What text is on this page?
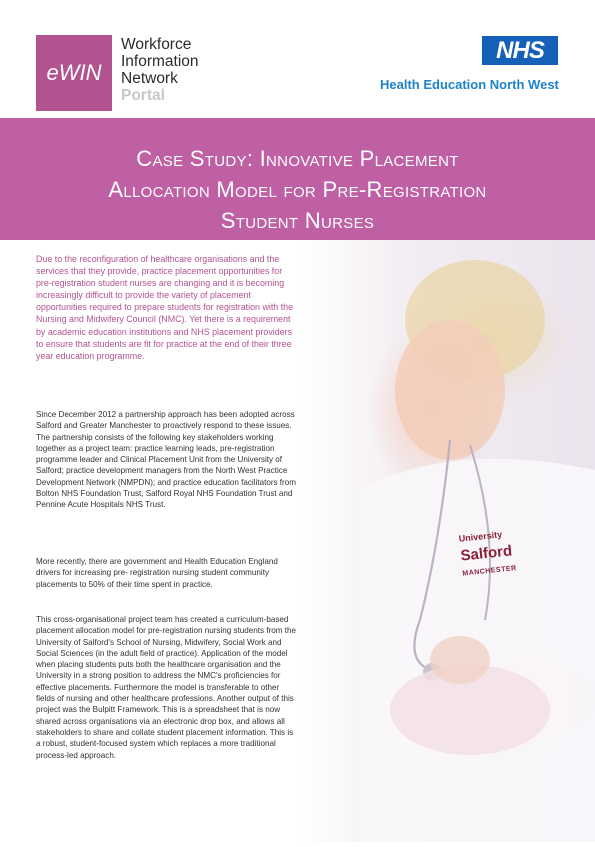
eWIN
Workforce
Information
Network
Portal
NHS
Health Education North West
Case Study: Innovative Placement
Allocation Model for Pre-Registration
Student Nurses
University
Salford
MANCHESTER

Due to the reconfiguration of healthcare organisations and the services that they provide, practice placement opportunities for pre-registration student nurses are changing and it is becoming increasingly difficult to provide the variety of placement opportunities required to prepare students for registration with the Nursing and Midwifery Council (NMC). Yet there is a requirement by academic education institutions and NHS placement providers to ensure that students are fit for practice at the end of their three year education programme.

Since December 2012 a partnership approach has been adopted across Salford and Greater Manchester to proactively respond to these issues. The partnership consists of the following key stakeholders working together as a project team: practice learning leads, pre-registration programme leader and Clinical Placement Unit from the University of Salford; practice development managers from the North West Practice Development Network (NMPDN); and practice education facilitators from Bolton NHS Foundation Trust, Salford Royal NHS Foundation Trust and Pennine Acute Hospitals NHS Trust.

More recently, there are government and Health Education England drivers for increasing pre- registration nursing student community placements to 50% of their time spent in practice.

This cross-organisational project team has created a curriculum-based placement allocation model for pre-registration nursing students from the University of Salford's School of Nursing, Midwifery, Social Work and Social Sciences (in the adult field of practice). Application of the model when placing students puts both the healthcare organisation and the University in a strong position to address the NMC's proficiencies for effective placements. Furthermore the model is transferable to other fields of nursing and other healthcare professions. Another output of this project was the Bulpitt Framework. This is a spreadsheet that is now shared across organisations via an electronic drop box, and allows all stakeholders to share and collate student placement information. This is a robust, student-focused system which replaces a more traditional process-led approach.
